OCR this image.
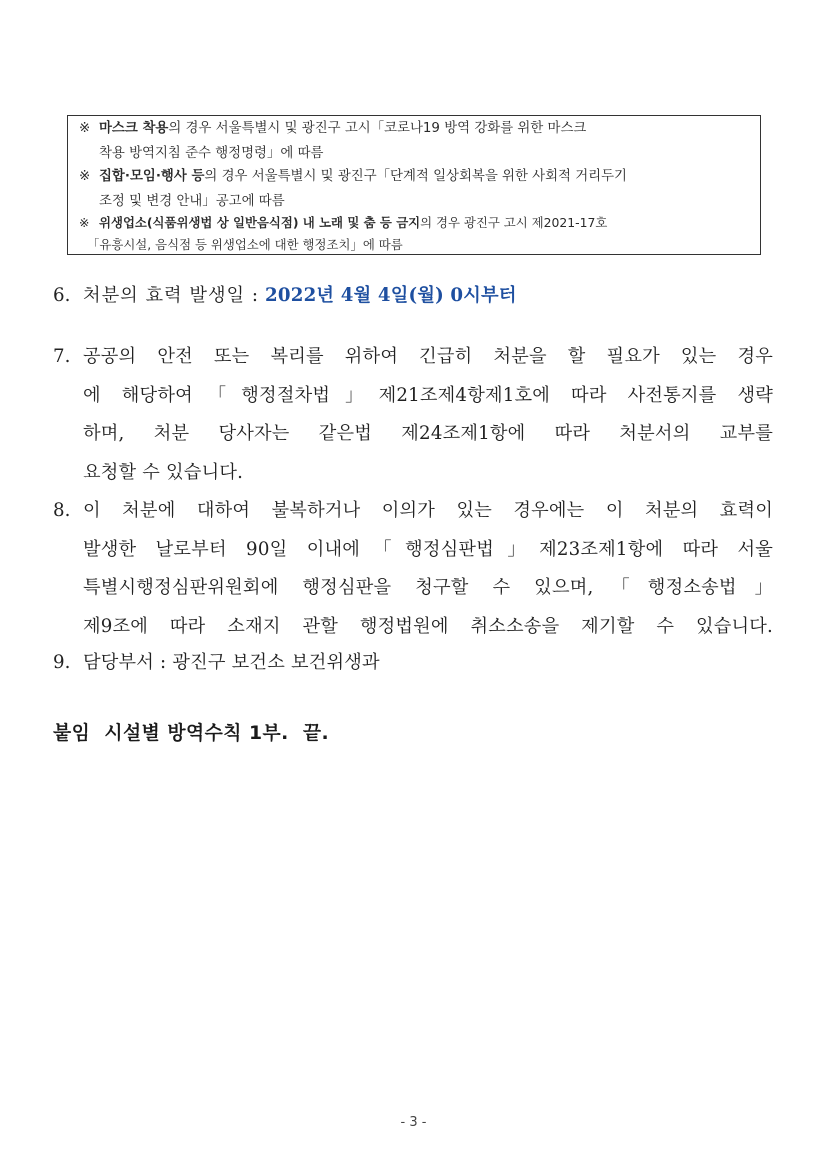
※ 마스크 착용의 경우 서울특별시 및 광진구 고시「코로나19 방역 강화를 위한 마스크
착용 방역지침 준수 행정명령」에 따름
※ 집합·모임·행사 등의 경우 서울특별시 및 광진구「단계적 일상회복을 위한 사회적 거리두기
조정 및 변경 안내」공고에 따름
※ 위생업소(식품위생법 상 일반음식점) 내 노래 및 춤 등 금지의 경우 광진구 고시 제2021-17호
「유흥시설, 음식점 등 위생업소에 대한 행정조치」에 따름
6. 처분의 효력 발생일 : 2022년 4월 4일(월) 0시부터
7. 공공의 안전 또는 복리를 위하여 긴급히 처분을 할 필요가 있는 경우
에 해당하여「행정절차법」제21조제4항제1호에 따라 사전통지를 생략
하며, 처분 당사자는 같은법 제24조제1항에 따라 처분서의 교부를
요청할 수 있습니다.
8. 이 처분에 대하여 불복하거나 이의가 있는 경우에는 이 처분의 효력이
발생한 날로부터 90일 이내에「행정심판법」제23조제1항에 따라 서울
특별시행정심판위원회에 행정심판을 청구할 수 있으며,「행정소송법」
제9조에 따라 소재지 관할 행정법원에 취소소송을 제기할 수 있습니다.
9. 담당부서 : 광진구 보건소 보건위생과
붙임  시설별 방역수칙 1부.  끝.
- 3 -
